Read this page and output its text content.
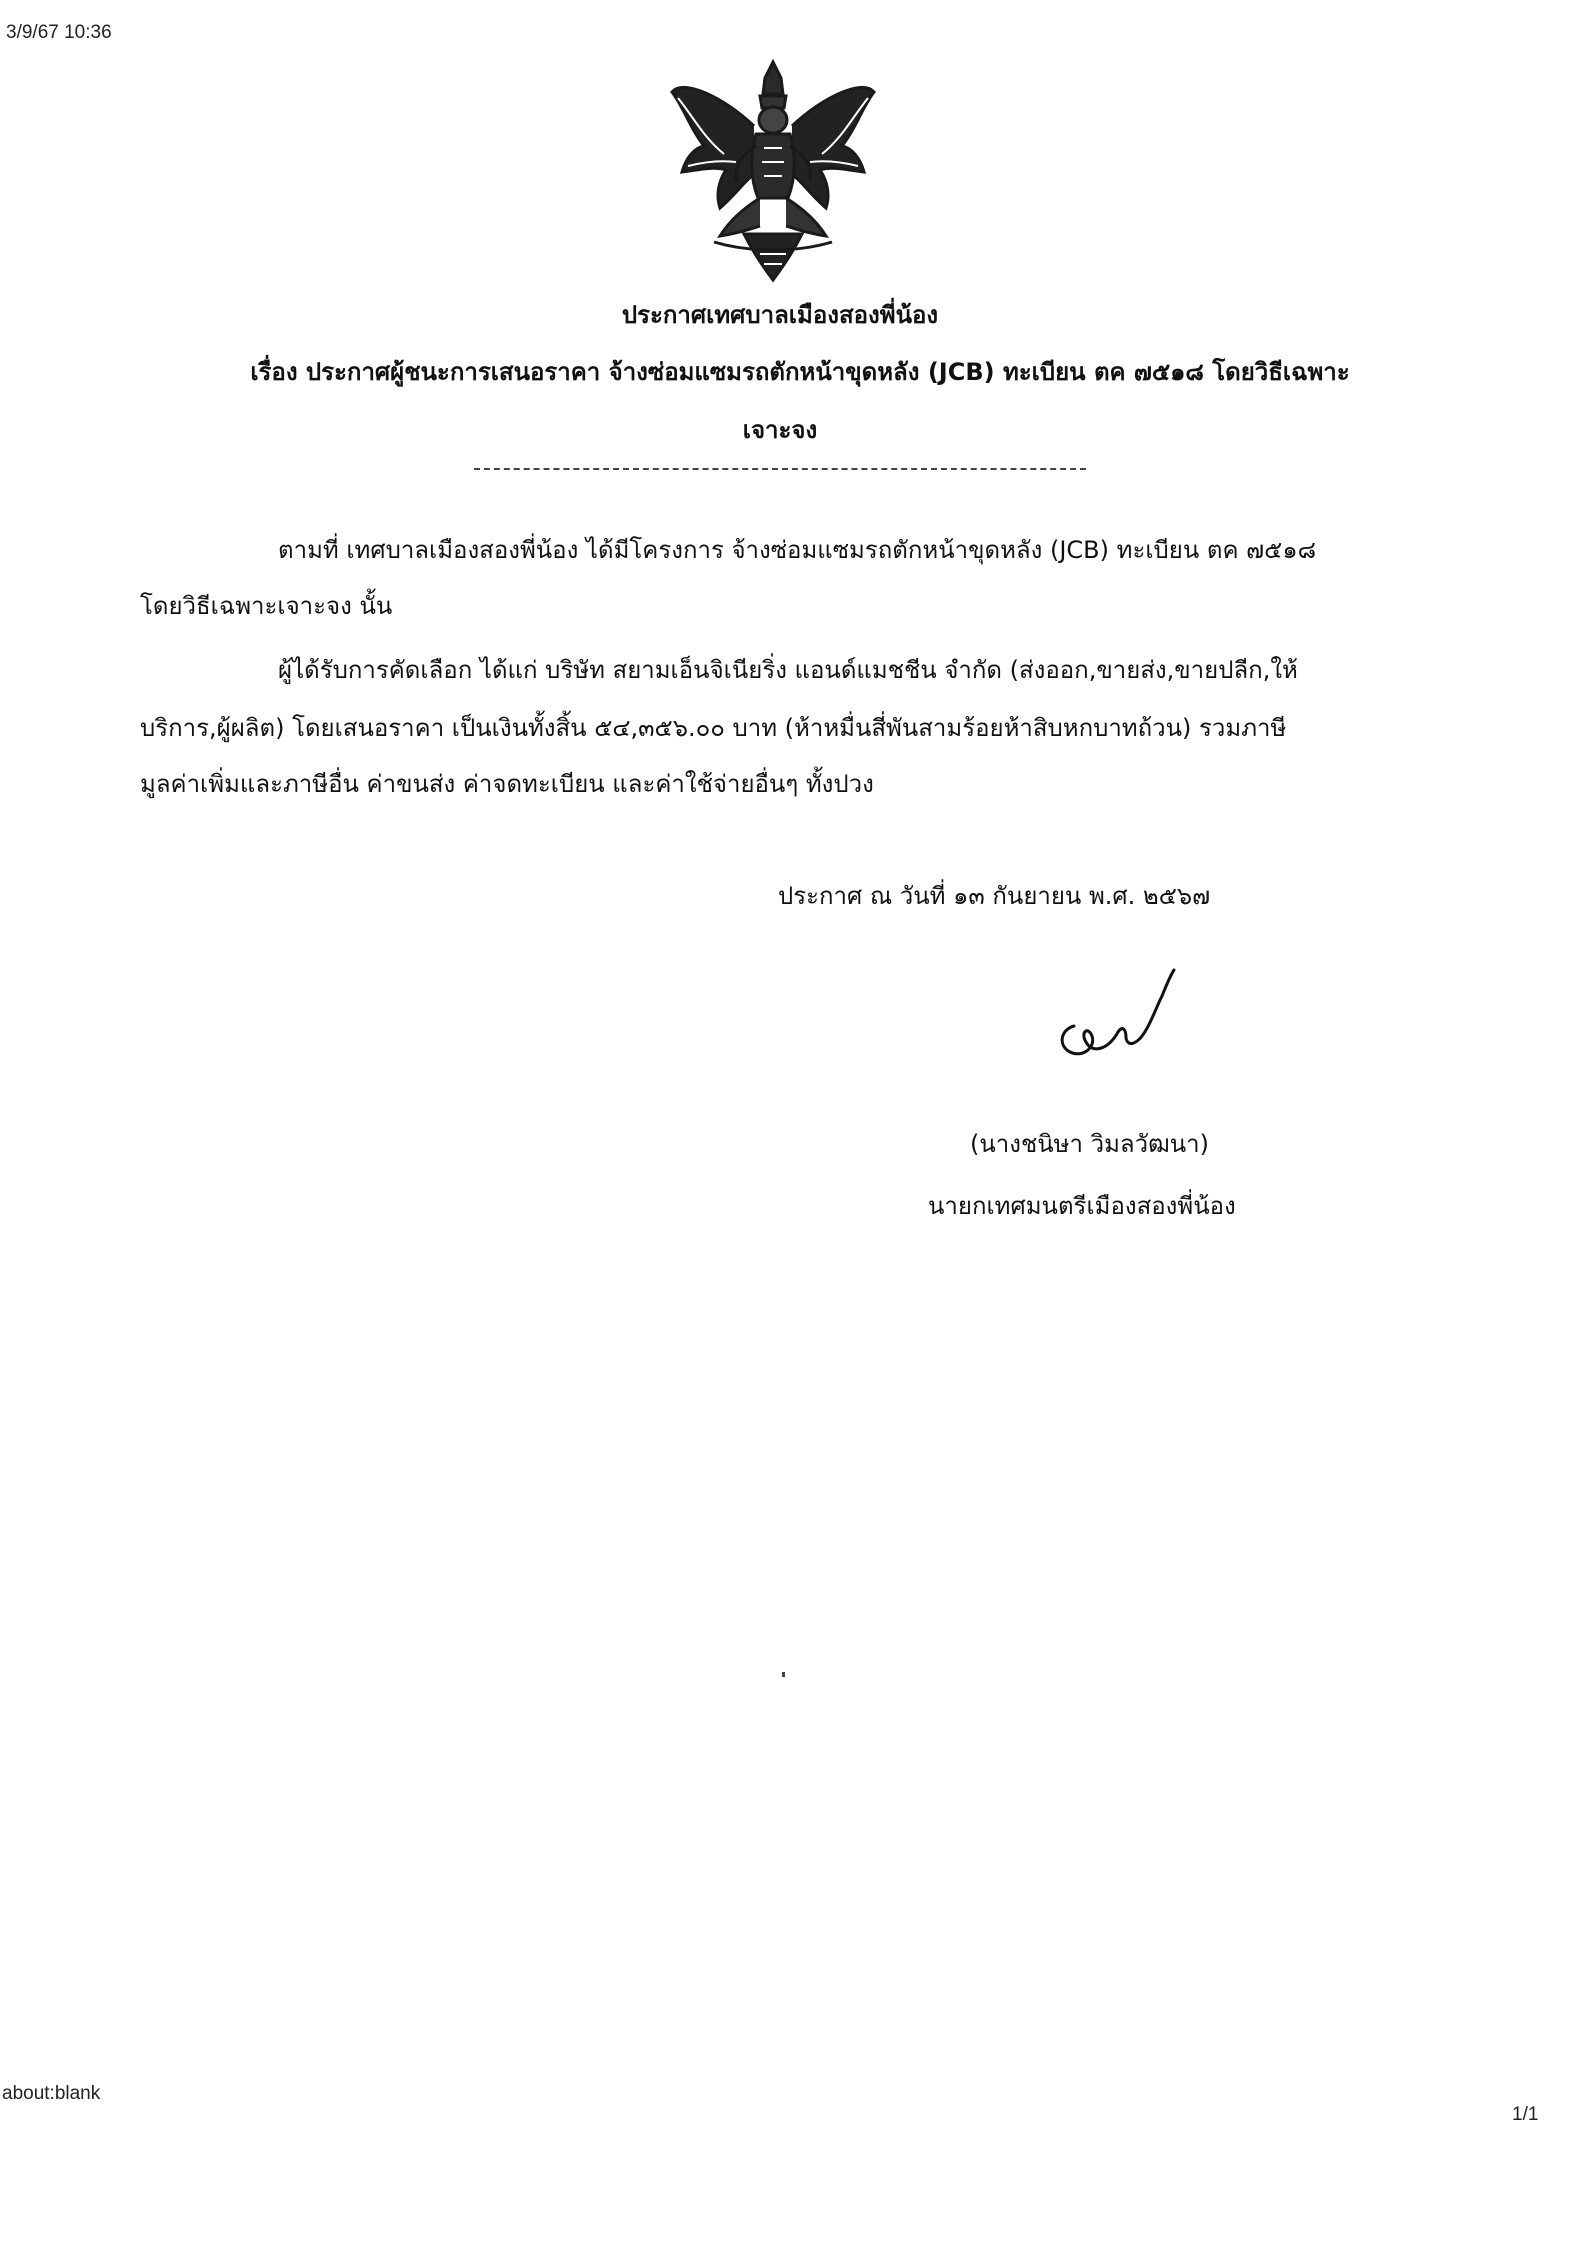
3/9/67 10:36
ประกาศเทศบาลเมืองสองพี่น้อง
เรื่อง ประกาศผู้ชนะการเสนอราคา จ้างซ่อมแซมรถตักหน้าขุดหลัง (JCB) ทะเบียน ตค ๗๕๑๘ โดยวิธีเฉพาะ
เจาะจง
ตามที่ เทศบาลเมืองสองพี่น้อง ได้มีโครงการ จ้างซ่อมแซมรถตักหน้าขุดหลัง (JCB) ทะเบียน ตค ๗๕๑๘
โดยวิธีเฉพาะเจาะจง นั้น
ผู้ได้รับการคัดเลือก ได้แก่ บริษัท สยามเอ็นจิเนียริ่ง แอนด์แมชชีน จำกัด (ส่งออก,ขายส่ง,ขายปลีก,ให้
บริการ,ผู้ผลิต) โดยเสนอราคา เป็นเงินทั้งสิ้น ๕๔,๓๕๖.๐๐ บาท (ห้าหมื่นสี่พันสามร้อยห้าสิบหกบาทถ้วน) รวมภาษี
มูลค่าเพิ่มและภาษีอื่น ค่าขนส่ง ค่าจดทะเบียน และค่าใช้จ่ายอื่นๆ ทั้งปวง
ประกาศ ณ วันที่ ๑๓ กันยายน พ.ศ. ๒๕๖๗
(นางชนิษา วิมลวัฒนา)
นายกเทศมนตรีเมืองสองพี่น้อง
about:blank
1/1
